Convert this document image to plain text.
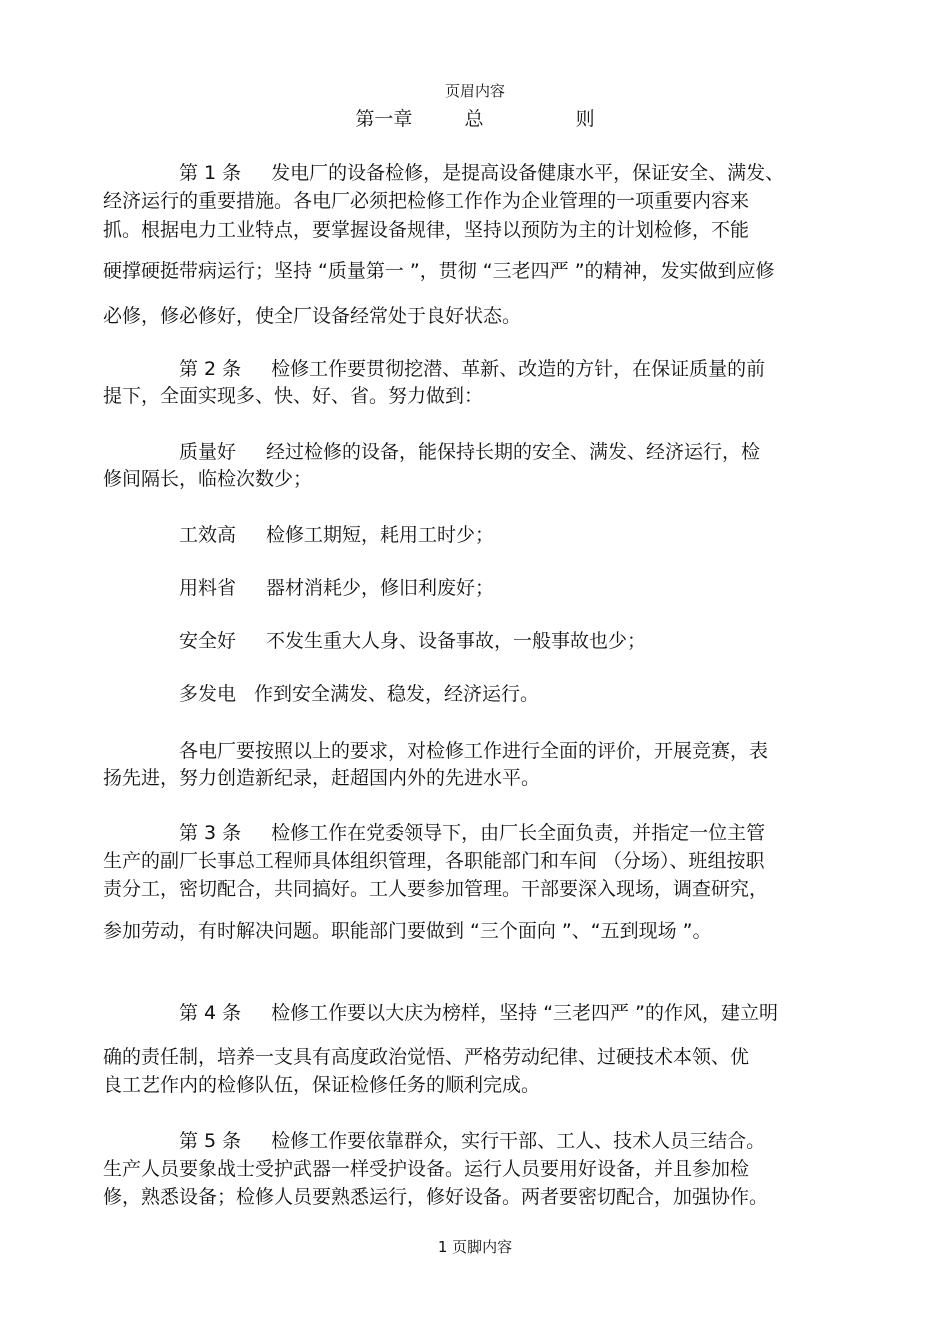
页眉内容
第一章	总	则
第 1 条 发电厂的设备检修，是提高设备健康水平，保证安全、满发、
经济运行的重要措施。各电厂必须把检修工作作为企业管理的一项重要内容来
抓。根据电力工业特点，要掌握设备规律，坚持以预防为主的计划检修，不能
硬撑硬挺带病运行；坚持 “质量第一 ”，贯彻 “三老四严 ”的精神，发实做到应修
必修，修必修好，使全厂设备经常处于良好状态。
第 2 条 检修工作要贯彻挖潜、革新、改造的方针，在保证质量的前
提下，全面实现多、快、好、省。努力做到：
质量好 经过检修的设备，能保持长期的安全、满发、经济运行，检
修间隔长，临检次数少；
工效高 检修工期短，耗用工时少；
用料省 器材消耗少，修旧利废好；
安全好 不发生重大人身、设备事故，一般事故也少；
多发电 作到安全满发、稳发，经济运行。
各电厂要按照以上的要求，对检修工作进行全面的评价，开展竞赛，表
扬先进，努力创造新纪录，赶超国内外的先进水平。
第 3 条 检修工作在党委领导下，由厂长全面负责，并指定一位主管
生产的副厂长事总工程师具体组织管理，各职能部门和车间 （分场）、班组按职
责分工，密切配合，共同搞好。工人要参加管理。干部要深入现场，调查研究，
参加劳动，有时解决问题。职能部门要做到 “三个面向 ”、“五到现场 ”。
第 4 条 检修工作要以大庆为榜样，坚持 “三老四严 ”的作风，建立明
确的责任制，培养一支具有高度政治觉悟、严格劳动纪律、过硬技术本领、优
良工艺作内的检修队伍，保证检修任务的顺利完成。
第 5 条 检修工作要依靠群众，实行干部、工人、技术人员三结合。
生产人员要象战士受护武器一样受护设备。运行人员要用好设备，并且参加检
修，熟悉设备；检修人员要熟悉运行，修好设备。两者要密切配合，加强协作。
1 页脚内容
